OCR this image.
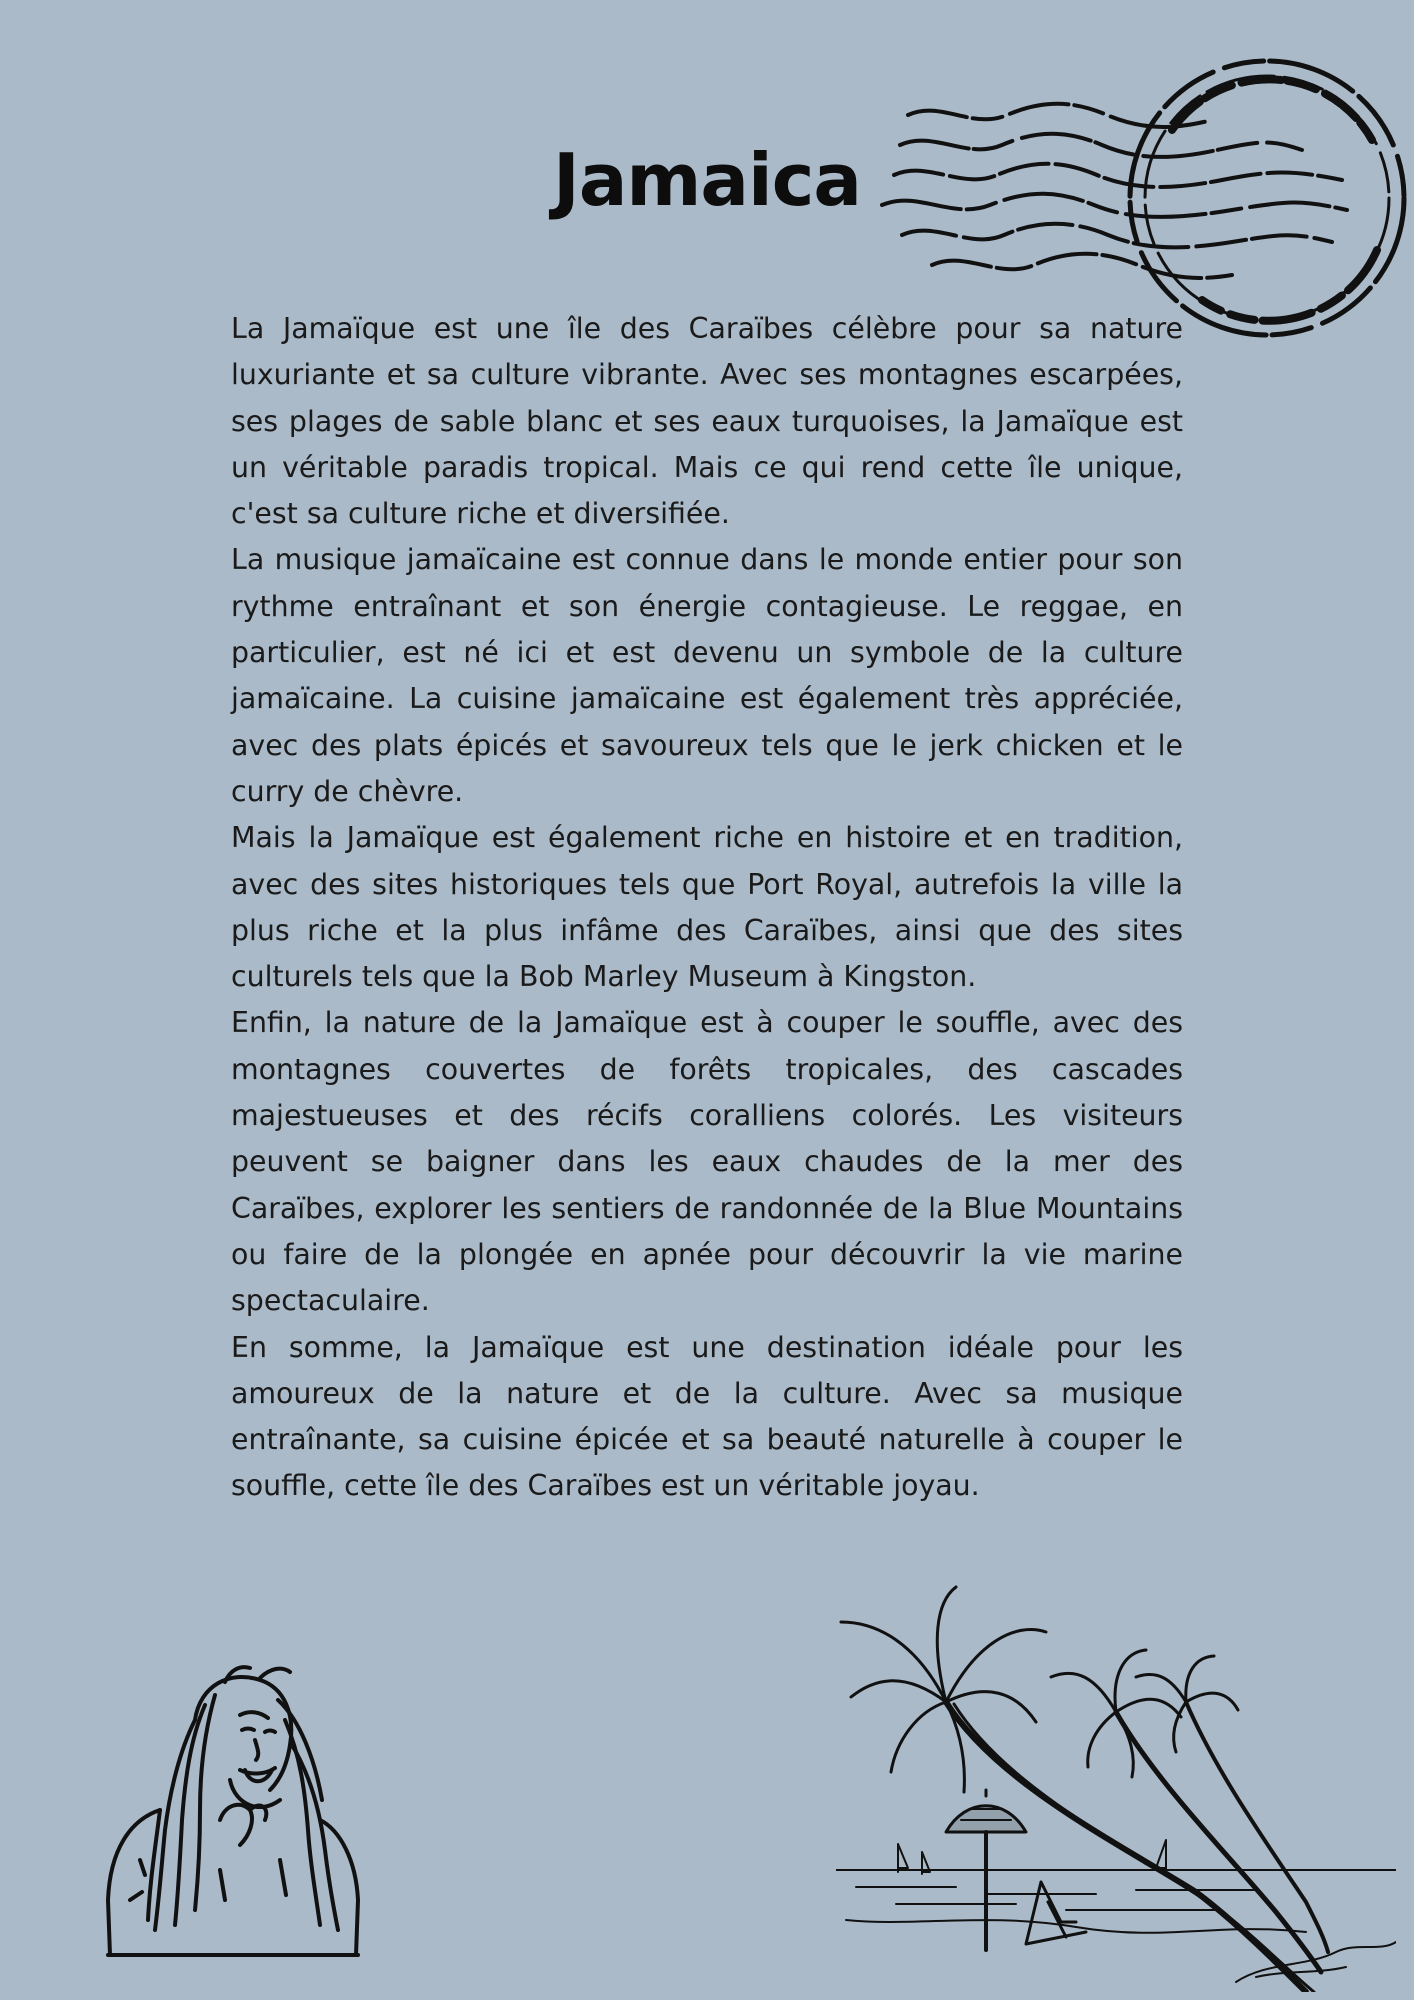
Jamaica

La Jamaïque est une île des Caraïbes célèbre pour sa nature luxuriante et sa culture vibrante. Avec ses montagnes escarpées, ses plages de sable blanc et ses eaux turquoises, la Jamaïque est un véritable paradis tropical. Mais ce qui rend cette île unique, c'est sa culture riche et diversifiée.

La musique jamaïcaine est connue dans le monde entier pour son rythme entraînant et son énergie contagieuse. Le reggae, en particulier, est né ici et est devenu un symbole de la culture jamaïcaine. La cuisine jamaïcaine est également très appréciée, avec des plats épicés et savoureux tels que le jerk chicken et le curry de chèvre.

Mais la Jamaïque est également riche en histoire et en tradition, avec des sites historiques tels que Port Royal, autrefois la ville la plus riche et la plus infâme des Caraïbes, ainsi que des sites culturels tels que la Bob Marley Museum à Kingston.

Enfin, la nature de la Jamaïque est à couper le souffle, avec des montagnes couvertes de forêts tropicales, des cascades majestueuses et des récifs coralliens colorés. Les visiteurs peuvent se baigner dans les eaux chaudes de la mer des Caraïbes, explorer les sentiers de randonnée de la Blue Mountains ou faire de la plongée en apnée pour découvrir la vie marine spectaculaire.

En somme, la Jamaïque est une destination idéale pour les amoureux de la nature et de la culture. Avec sa musique entraînante, sa cuisine épicée et sa beauté naturelle à couper le souffle, cette île des Caraïbes est un véritable joyau.
